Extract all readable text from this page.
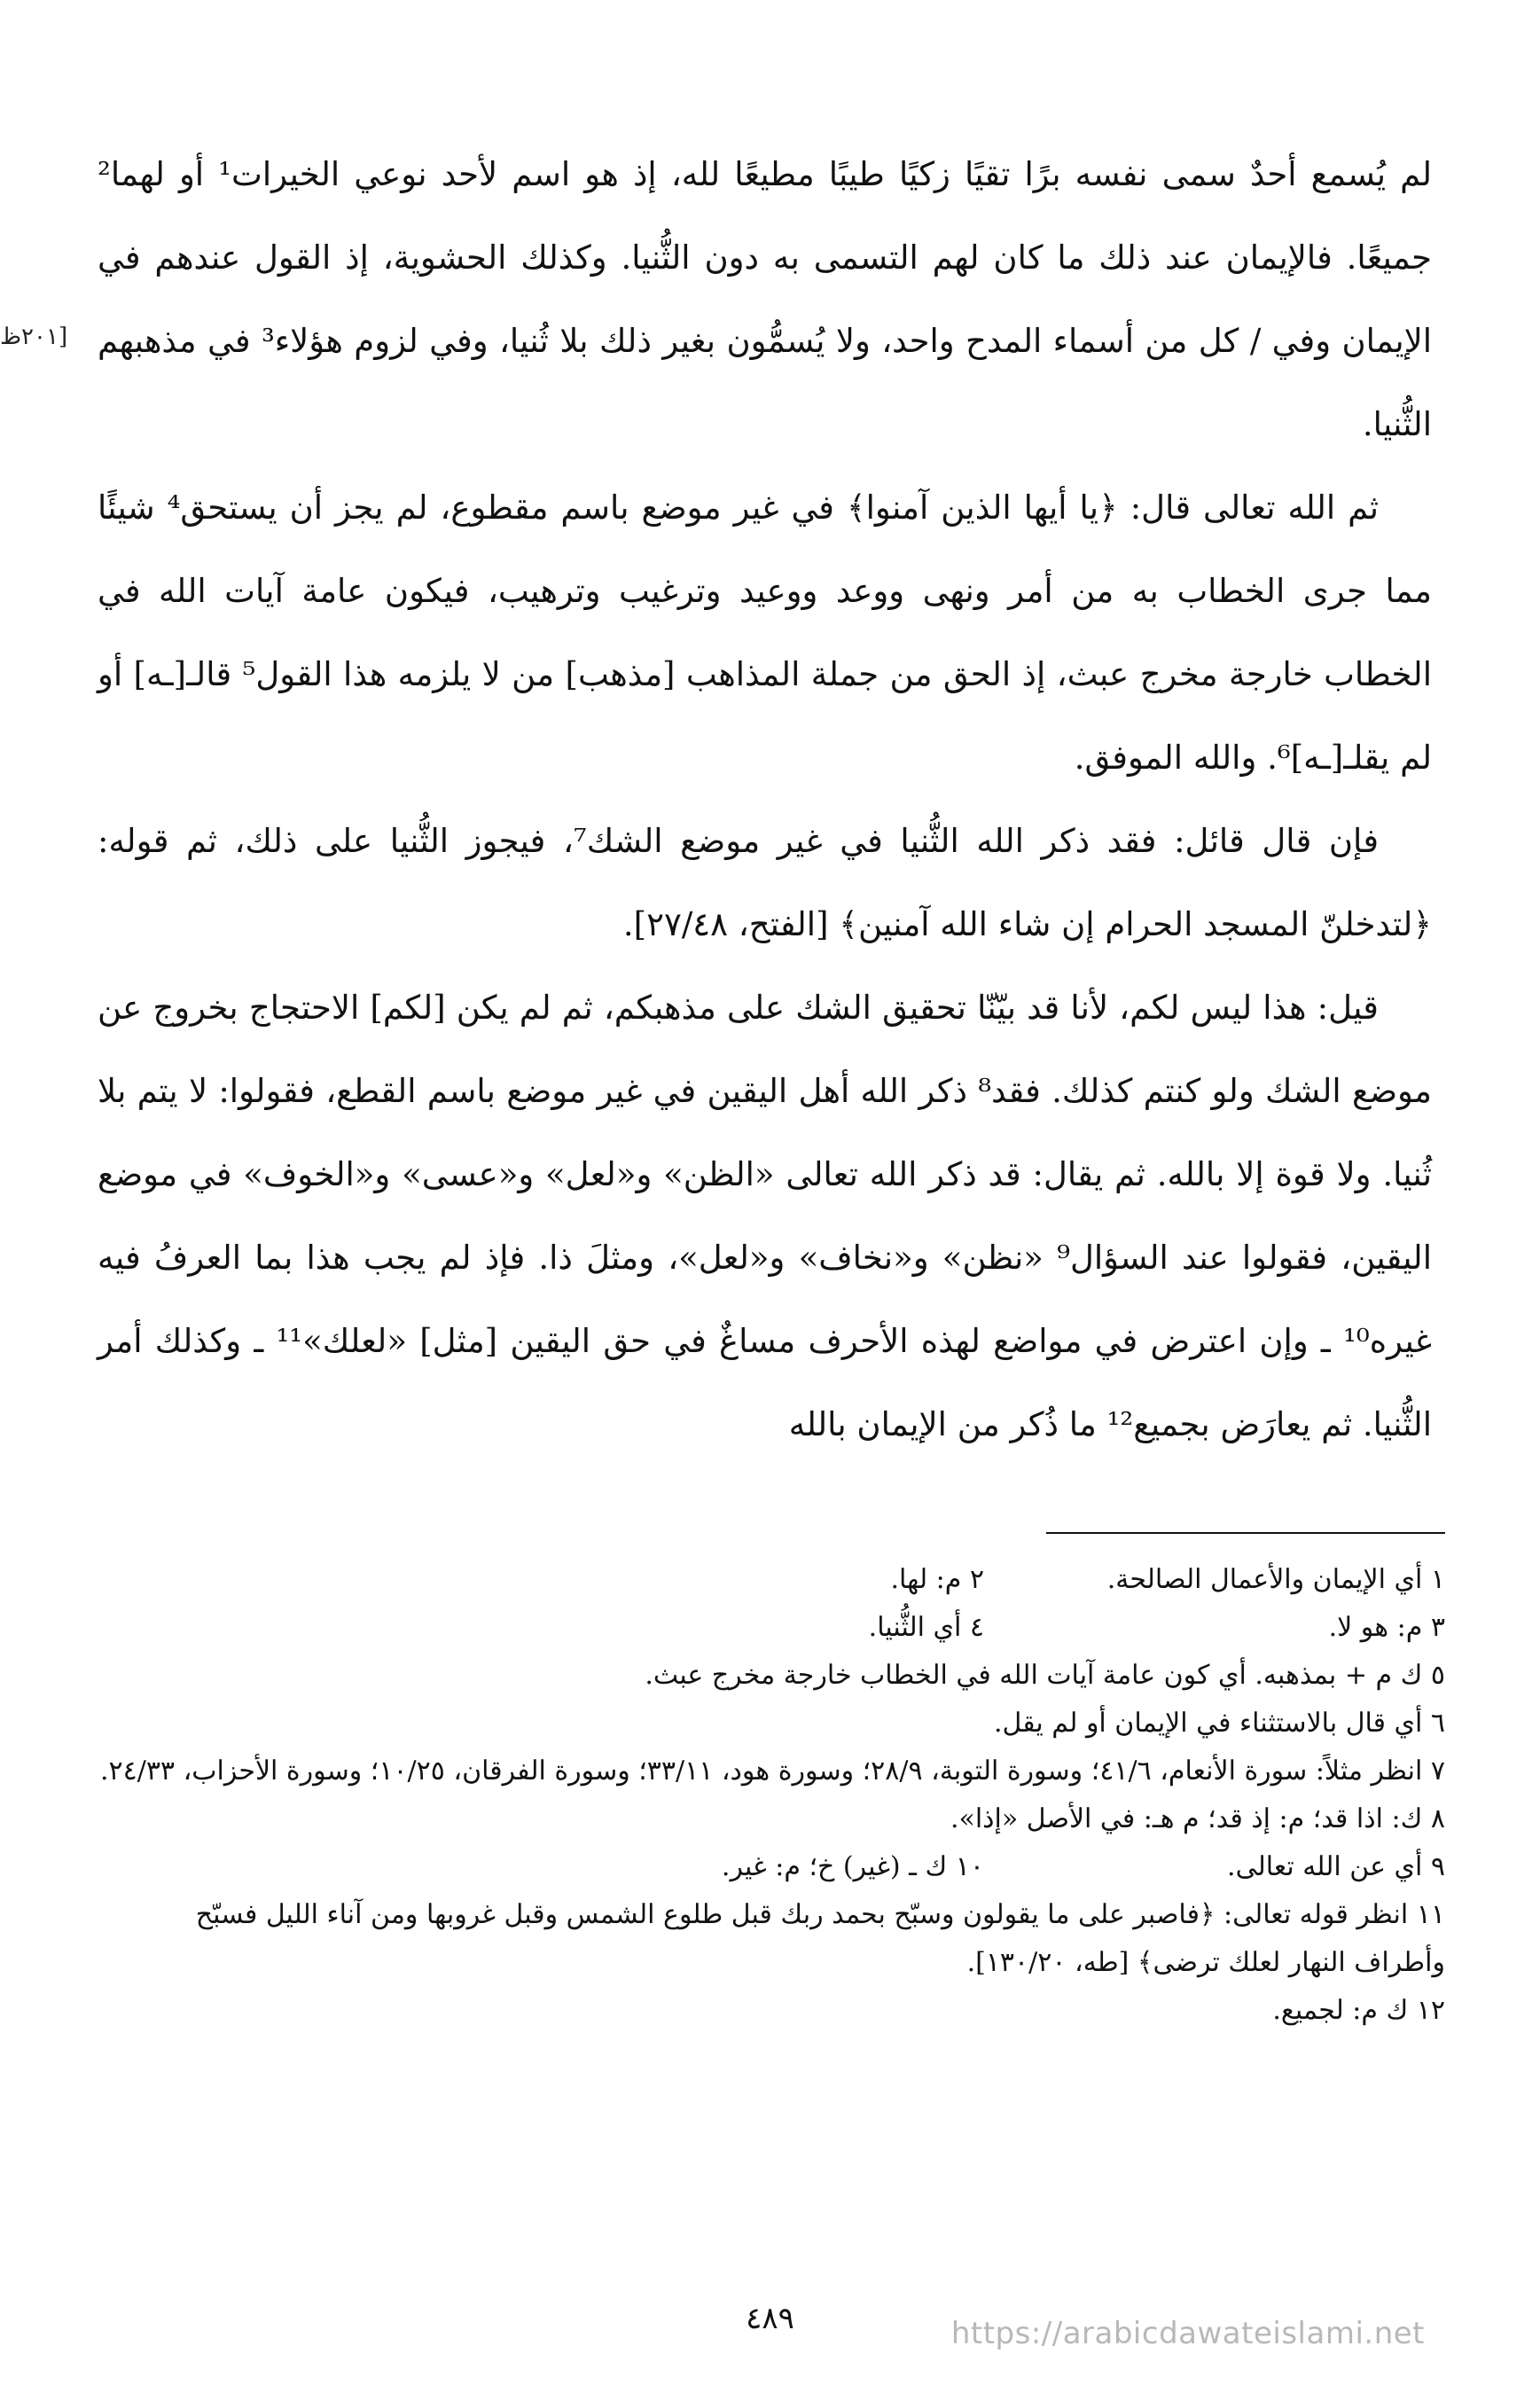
[٢٠١ظ

لم يُسمع أحدٌ سمى نفسه برًا تقيًا زكيًا طيبًا مطيعًا لله، إذ هو اسم لأحد نوعي الخيرات¹ أو لهما² جميعًا. فالإيمان عند ذلك ما كان لهم التسمى به دون الثُّنيا. وكذلك الحشوية، إذ القول عندهم في الإيمان وفي / كل من أسماء المدح واحد، ولا يُسمُّون بغير ذلك بلا ثُنيا، وفي لزوم هؤلاء³ في مذهبهم الثُّنيا.

ثم الله تعالى قال: ﴿يا أيها الذين آمنوا﴾ في غير موضع باسم مقطوع، لم يجز أن يستحق⁴ شيئًا مما جرى الخطاب به من أمر ونهى ووعد ووعيد وترغيب وترهيب، فيكون عامة آيات الله في الخطاب خارجة مخرج عبث، إذ الحق من جملة المذاهب [مذهب] من لا يلزمه هذا القول⁵ قالـ[ـه] أو لم يقلـ[ـه]⁶. والله الموفق.

فإن قال قائل: فقد ذكر الله الثُّنيا في غير موضع الشك⁷، فيجوز الثُّنيا على ذلك، ثم قوله: ﴿لتدخلنّ المسجد الحرام إن شاء الله آمنين﴾ [الفتح، ٢٧/٤٨].

قيل: هذا ليس لكم، لأنا قد بيّنّا تحقيق الشك على مذهبكم، ثم لم يكن [لكم] الاحتجاج بخروج عن موضع الشك ولو كنتم كذلك. فقد⁸ ذكر الله أهل اليقين في غير موضع باسم القطع، فقولوا: لا يتم بلا ثُنيا. ولا قوة إلا بالله. ثم يقال: قد ذكر الله تعالى «الظن» و«لعل» و«عسى» و«الخوف» في موضع اليقين، فقولوا عند السؤال⁹ «نظن» و«نخاف» و«لعل»، ومثلَ ذا. فإذ لم يجب هذا بما العرفُ فيه غيره¹⁰ ـ وإن اعترض في مواضع لهذه الأحرف مساغٌ في حق اليقين [مثل] «لعلك»¹¹ ـ وكذلك أمر الثُّنيا. ثم يعارَض بجميع¹² ما ذُكر من الإيمان بالله

١ أي الإيمان والأعمال الصالحة.
٢ م: لها.
٣ م: هو لا.
٤ أي الثُّنيا.
٥ ك م + بمذهبه. أي كون عامة آيات الله في الخطاب خارجة مخرج عبث.
٦ أي قال بالاستثناء في الإيمان أو لم يقل.
٧ انظر مثلاً: سورة الأنعام، ٤١/٦؛ وسورة التوبة، ٢٨/٩؛ وسورة هود، ٣٣/١١؛ وسورة الفرقان، ١٠/٢٥؛ وسورة الأحزاب، ٢٤/٣٣.
٨ ك: اذا قد؛ م: إذ قد؛ م هـ: في الأصل «إذا».
٩ أي عن الله تعالى.
١٠ ك ـ (غير) خ؛ م: غير.
١١ انظر قوله تعالى: ﴿فاصبر على ما يقولون وسبّح بحمد ربك قبل طلوع الشمس وقبل غروبها ومن آناء الليل فسبّح وأطراف النهار لعلك ترضى﴾ [طه، ١٣٠/٢٠].
١٢ ك م: لجميع.
٤٨٩	https://arabicdawateislami.net
